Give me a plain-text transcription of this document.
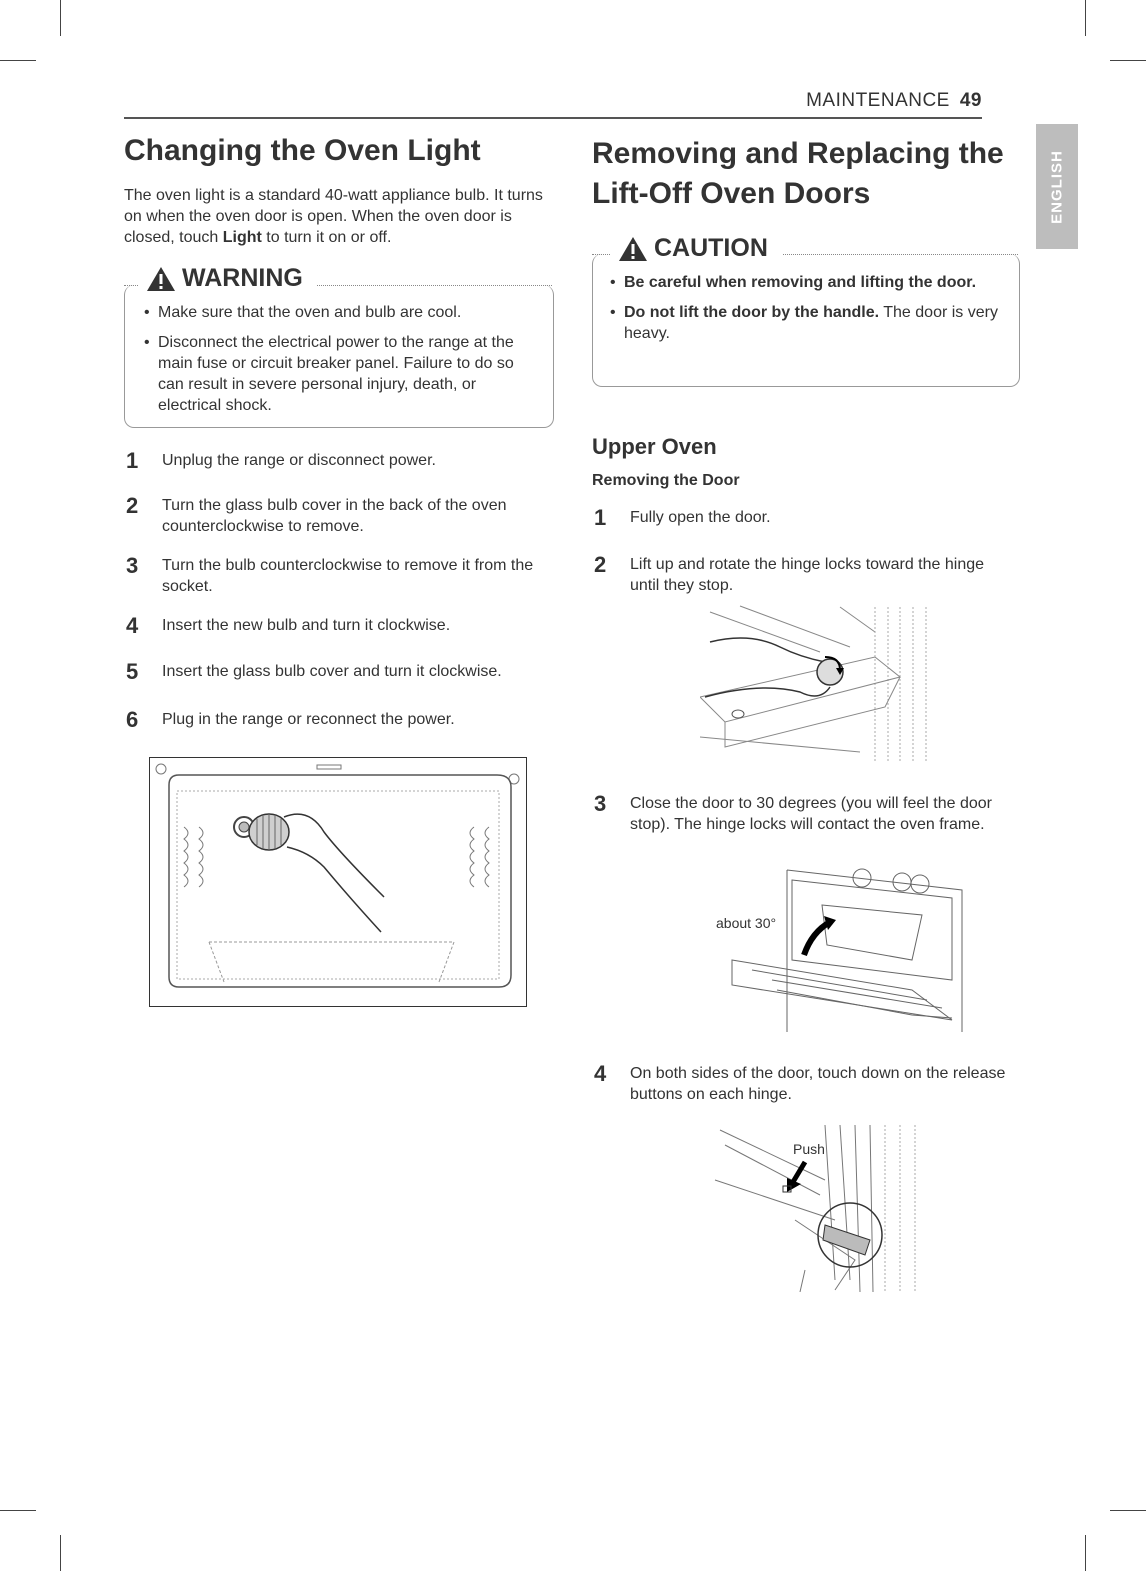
MAINTENANCE 49
ENGLISH
Changing the Oven Light

The oven light is a standard 40-watt appliance bulb. It turns on when the oven door is open. When the oven door is closed, touch Light to turn it on or off.

WARNING
• Make sure that the oven and bulb are cool.
• Disconnect the electrical power to the range at the main fuse or circuit breaker panel. Failure to do so can result in severe personal injury, death, or electrical shock.
1	Unplug the range or disconnect power.
2	Turn the glass bulb cover in the back of the oven counterclockwise to remove.
3	Turn the bulb counterclockwise to remove it from the socket.
4	Insert the new bulb and turn it clockwise.
5	Insert the glass bulb cover and turn it clockwise.
6	Plug in the range or reconnect the power.
Removing and Replacing the Lift-Off Oven Doors
CAUTION
• Be careful when removing and lifting the door.
• Do not lift the door by the handle. The door is very heavy.
Upper Oven
Removing the Door
1	Fully open the door.
2	Lift up and rotate the hinge locks toward the hinge until they stop.
3	Close the door to 30 degrees (you will feel the door stop). The hinge locks will contact the oven frame.
about 30°
4	On both sides of the door, touch down on the release buttons on each hinge.
Push
